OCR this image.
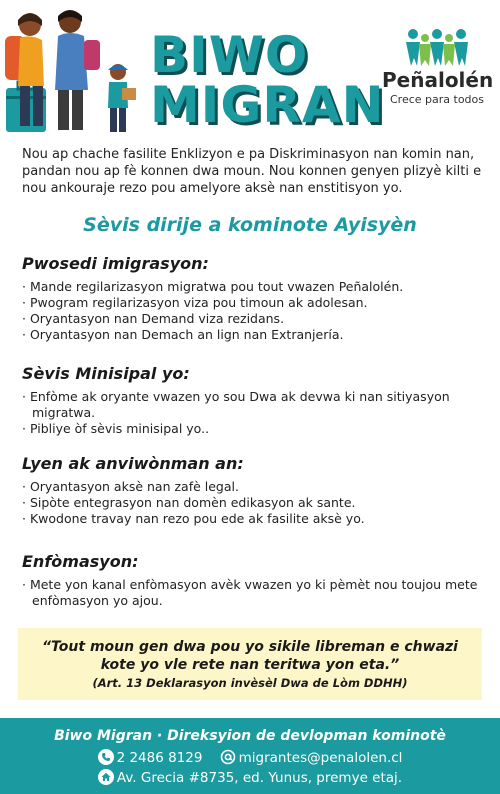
BIWO
MIGRAN
Peñalolén
Crece para todos
Nou ap chache fasilite Enklizyon e pa Diskriminasyon nan komin nan, pandan nou ap fè konnen dwa moun. Nou konnen genyen plizyè kilti e nou ankouraje rezo pou amelyore aksè nan enstitisyon yo.
Sèvis dirije a kominote Ayisyèn
Pwosedi imigrasyon:
· Mande regilarizasyon migratwa pou tout vwazen Peñalolén.
· Pwogram regilarizasyon viza pou timoun ak adolesan.
· Oryantasyon nan Demand viza rezidans.
· Oryantasyon nan Demach an lign nan Extranjería.
Sèvis Minisipal yo:
· Enfòme ak oryante vwazen yo sou Dwa ak devwa ki nan sitiyasyon migratwa.
· Pibliye òf sèvis minisipal yo..
Lyen ak anviwònman an:
· Oryantasyon aksè nan zafè legal.
· Sipòte entegrasyon nan domèn edikasyon ak sante.
· Kwodone travay nan rezo pou ede ak fasilite aksè yo.
Enfòmasyon:
· Mete yon kanal enfòmasyon avèk vwazen yo ki pèmèt nou toujou mete enfòmasyon yo ajou.
“Tout moun gen dwa pou yo sikile libreman e chwazi kote yo vle rete nan teritwa yon eta.”
(Art. 13 Deklarasyon invèsèl Dwa de Lòm DDHH)
Biwo Migran · Direksyion de devlopman kominotè
2 2486 8129	migrantes@penalolen.cl
Av. Grecia #8735, ed. Yunus, premye etaj.
